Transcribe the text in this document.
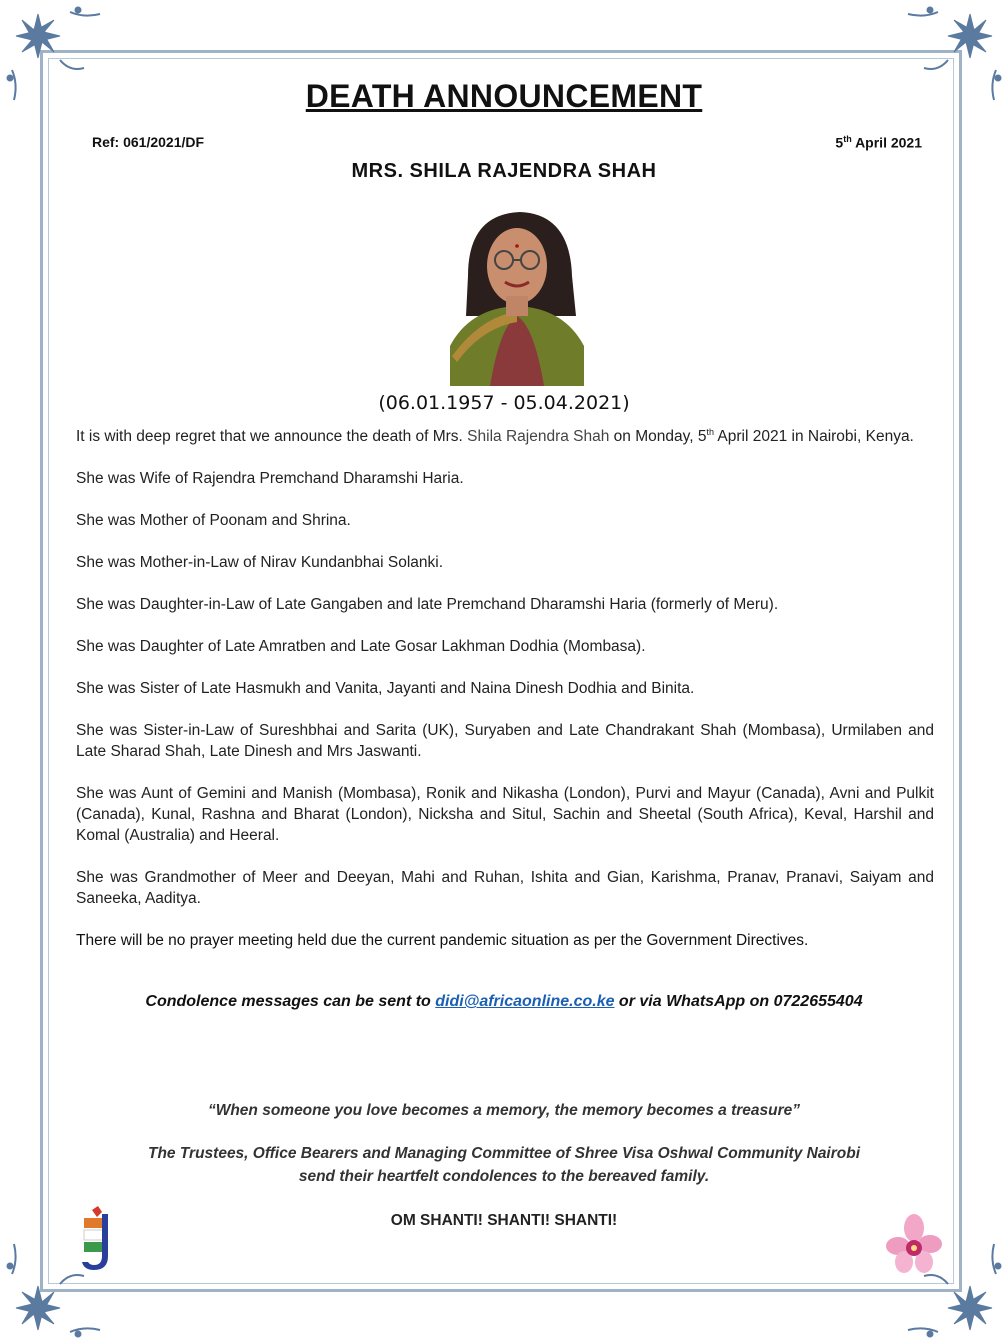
DEATH ANNOUNCEMENT
Ref: 061/2021/DF	5th April 2021
MRS. SHILA RAJENDRA SHAH
(06.01.1957 - 05.04.2021)

It is with deep regret that we announce the death of Mrs. Shila Rajendra Shah on Monday, 5th April 2021 in Nairobi, Kenya.

She was Wife of Rajendra Premchand Dharamshi Haria.

She was Mother of Poonam and Shrina.

She was Mother-in-Law of Nirav Kundanbhai Solanki.

She was Daughter-in-Law of Late Gangaben and late Premchand Dharamshi Haria (formerly of Meru).

She was Daughter of Late Amratben and Late Gosar Lakhman Dodhia (Mombasa).

She was Sister of Late Hasmukh and Vanita, Jayanti and Naina Dinesh Dodhia and Binita.

She was Sister-in-Law of Sureshbhai and Sarita (UK), Suryaben and Late Chandrakant Shah (Mombasa), Urmilaben and Late Sharad Shah, Late Dinesh and Mrs Jaswanti.

She was Aunt of Gemini and Manish (Mombasa), Ronik and Nikasha (London), Purvi and Mayur (Canada), Avni and Pulkit (Canada), Kunal, Rashna and Bharat (London), Nicksha and Situl, Sachin and Sheetal (South Africa), Keval, Harshil and Komal (Australia) and Heeral.

She was Grandmother of Meer and Deeyan, Mahi and Ruhan, Ishita and Gian, Karishma, Pranav, Pranavi, Saiyam and Saneeka, Aaditya.

There will be no prayer meeting held due the current pandemic situation as per the Government Directives.

Condolence messages can be sent to didi@africaonline.co.ke or via WhatsApp on 0722655404
“When someone you love becomes a memory, the memory becomes a treasure”
The Trustees, Office Bearers and Managing Committee of Shree Visa Oshwal Community Nairobi
send their heartfelt condolences to the bereaved family.
OM SHANTI! SHANTI! SHANTI!
